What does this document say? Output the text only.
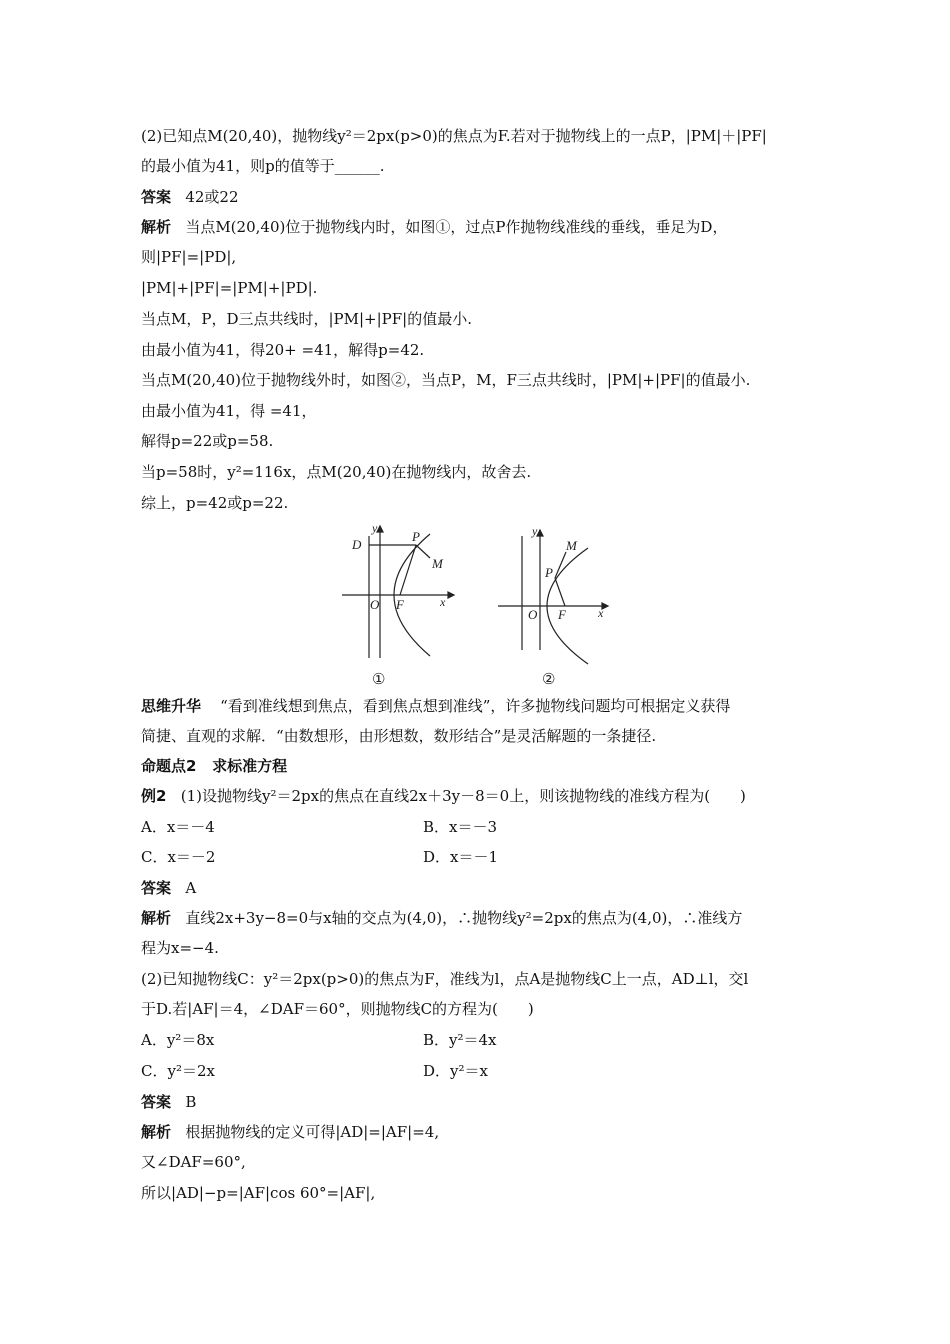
(2)已知点M(20,40)，抛物线y²＝2px(p>0)的焦点为F.若对于抛物线上的一点P，|PM|＋|PF|
的最小值为41，则p的值等于______.
答案 42或22
解析 当点M(20,40)位于抛物线内时，如图①，过点P作抛物线准线的垂线，垂足为D，
则|PF|=|PD|,
|PM|+|PF|=|PM|+|PD|.
当点M，P，D三点共线时，|PM|+|PF|的值最小.
由最小值为41，得20+ =41，解得p=42.
当点M(20,40)位于抛物线外时，如图②，当点P，M，F三点共线时，|PM|+|PF|的值最小.
由最小值为41，得 =41，
解得p=22或p=58.
当p=58时，y²=116x，点M(20,40)在抛物线内，故舍去.
综上，p=42或p=22.
y
D
P
M
O F	x
①
y
M
P
O F	x
②
思维升华 “看到准线想到焦点，看到焦点想到准线”，许多抛物线问题均可根据定义获得
简捷、直观的求解．“由数想形，由形想数，数形结合”是灵活解题的一条捷径.
命题点2 求标准方程
例2 (1)设抛物线y²＝2px的焦点在直线2x＋3y－8＝0上，则该抛物线的准线方程为(　　)
A．x＝－4	B．x＝－3
C．x＝－2	D．x＝－1
答案 A
解析 直线2x+3y−8=0与x轴的交点为(4,0)，∴抛物线y²=2px的焦点为(4,0)，∴准线方
程为x=−4.
(2)已知抛物线C：y²＝2px(p>0)的焦点为F，准线为l，点A是抛物线C上一点，AD⊥l，交l
于D.若|AF|＝4，∠DAF＝60°，则抛物线C的方程为(　　)
A．y²＝8x	B．y²＝4x
C．y²＝2x	D．y²＝x
答案 B
解析 根据抛物线的定义可得|AD|=|AF|=4,
又∠DAF=60°,
所以|AD|−p=|AF|cos 60°=|AF|,
